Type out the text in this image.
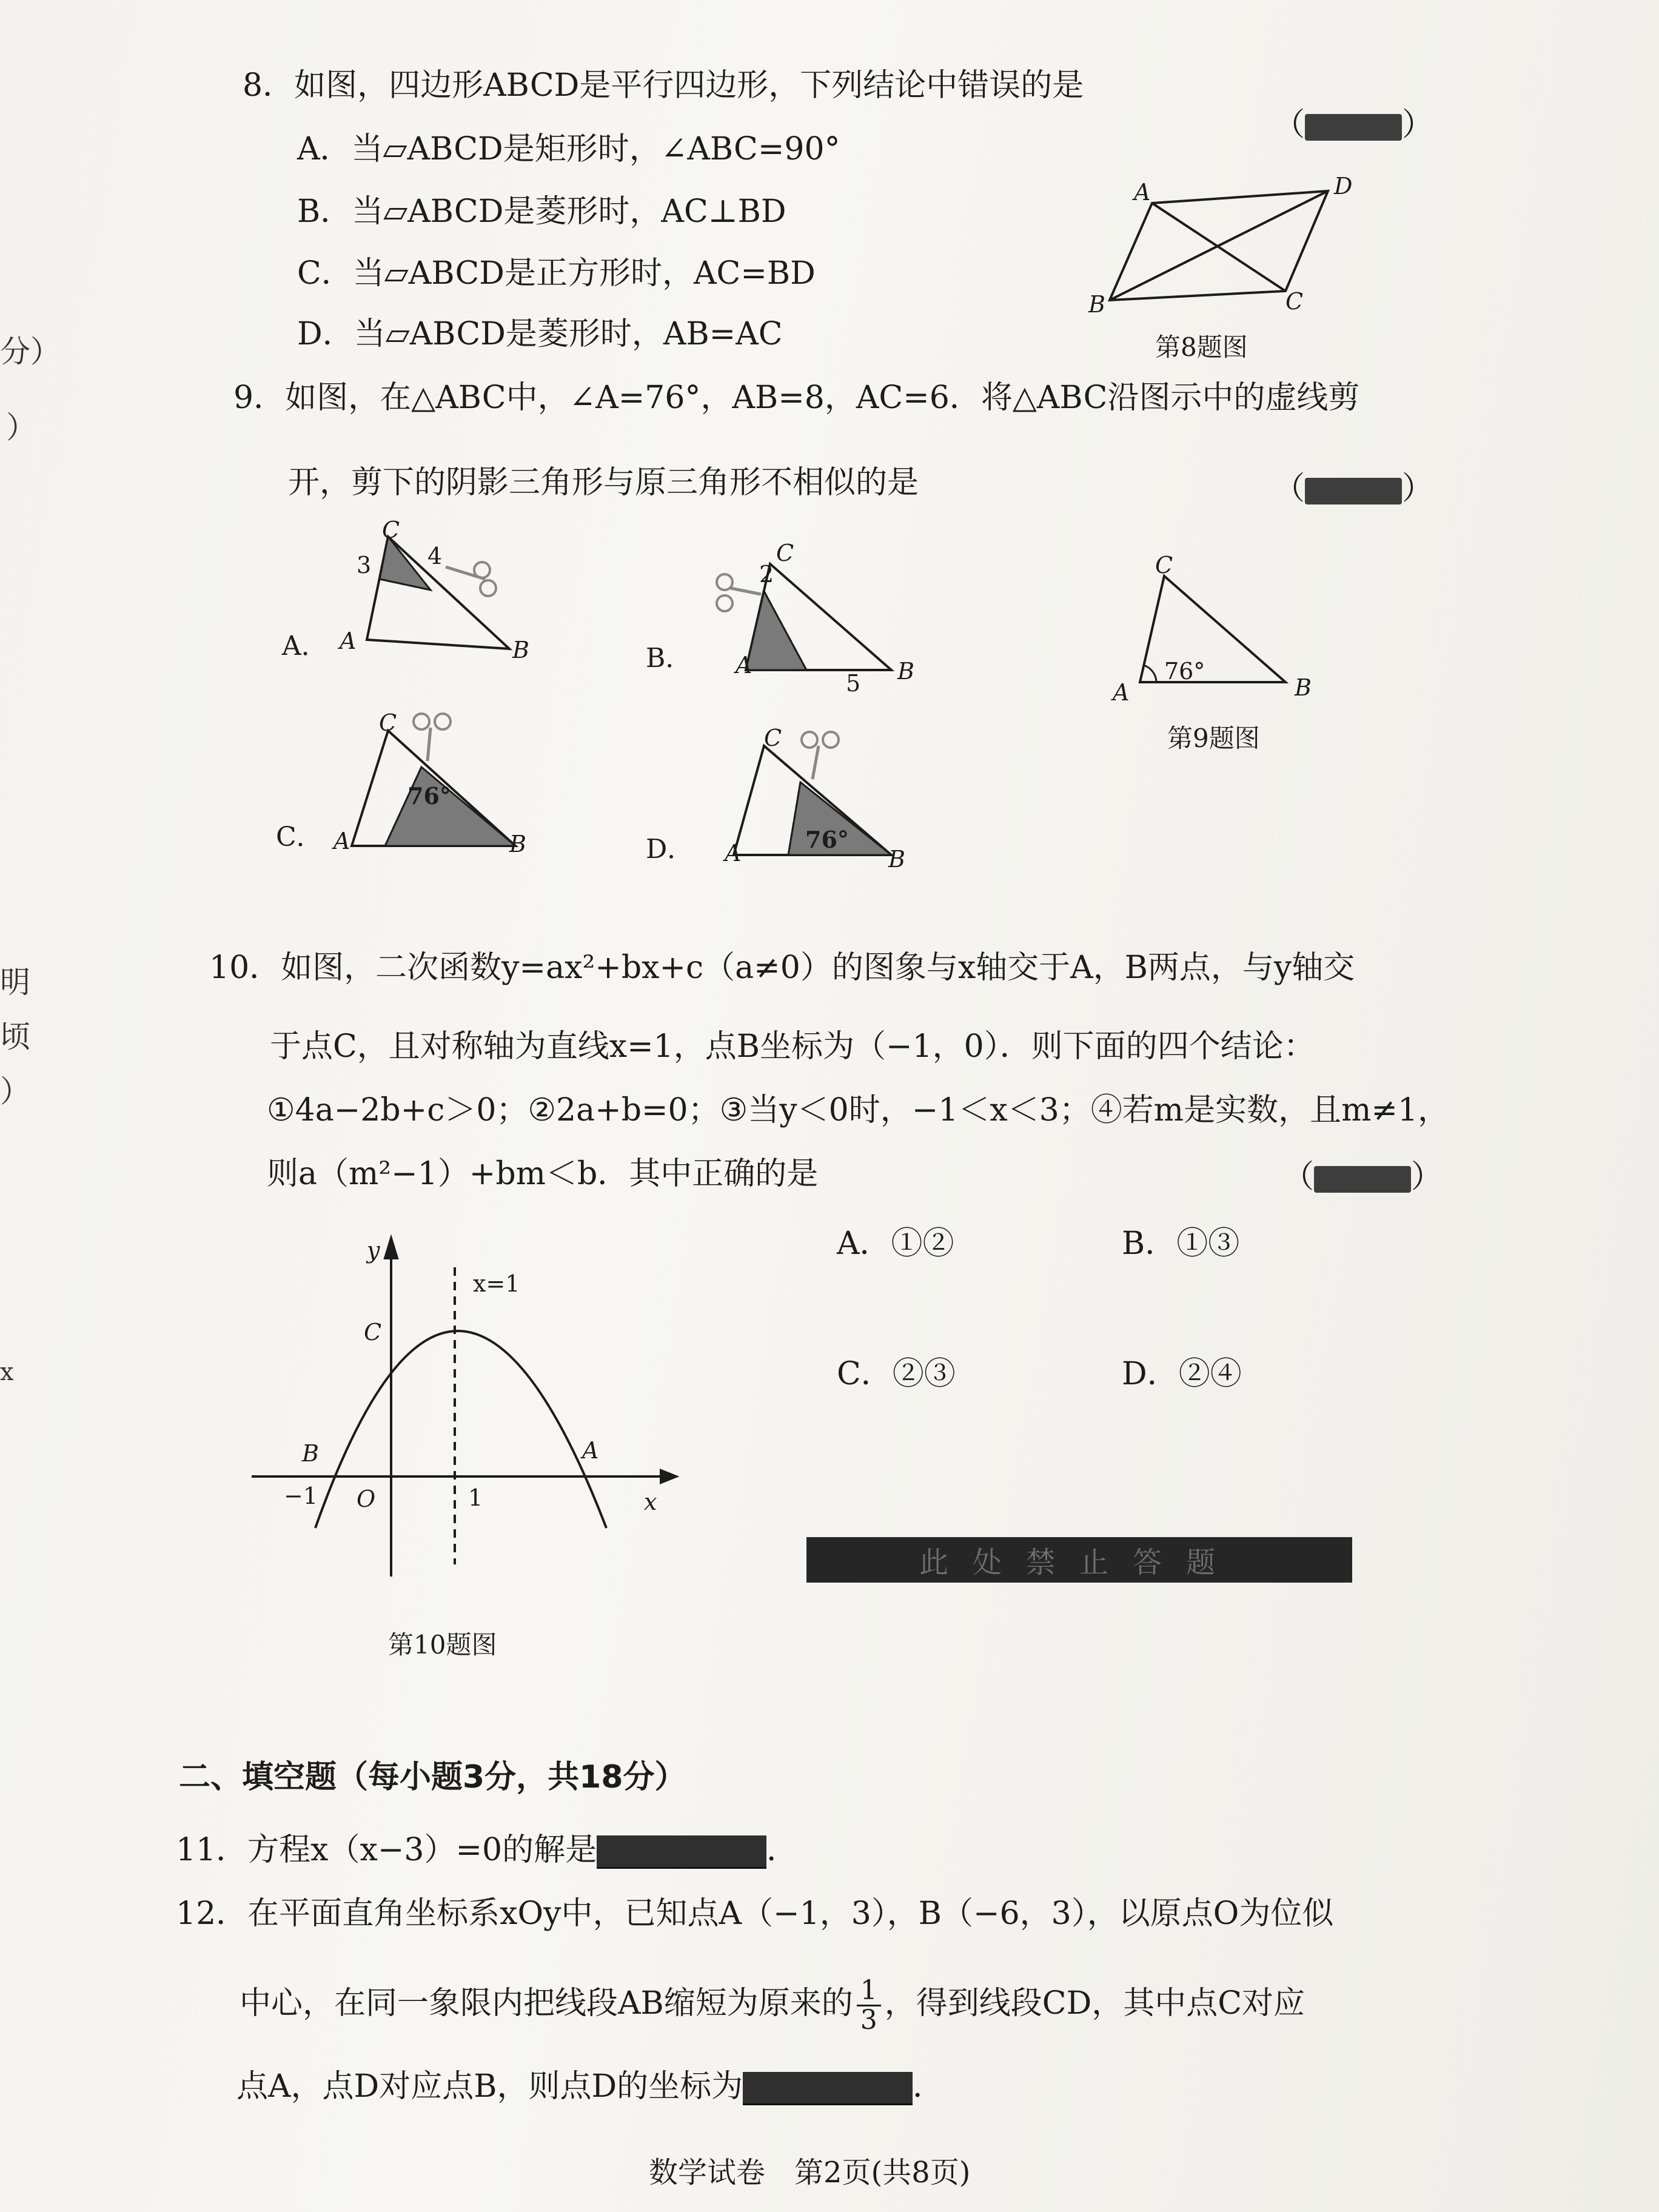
分）
）
明
顷
）
x
8．如图，四边形ABCD是平行四边形，下列结论中错误的是
（	）
A．当▱ABCD是矩形时，∠ABC=90°
B．当▱ABCD是菱形时，AC⊥BD
C．当▱ABCD是正方形时，AC=BD
D．当▱ABCD是菱形时，AB=AC
A	D
B	C
第8题图
9．如图，在△ABC中，∠A=76°，AB=8，AC=6．将△ABC沿图示中的虚线剪
开，剪下的阴影三角形与原三角形不相似的是	（	）
A．
C
3 4
A	B	B．
C
2
A
5 B
C
A
76°
B
第9题图
C．
C
76°
A	B	D．
C
A	76°
B
10．如图，二次函数y=ax²+bx+c（a≠0）的图象与x轴交于A，B两点，与y轴交
于点C，且对称轴为直线x=1，点B坐标为（−1，0）．则下面的四个结论：
①4a−2b+c＞0；②2a+b=0；③当y＜0时，−1＜x＜3；④若m是实数，且m≠1，
则a（m²−1）+bm＜b．其中正确的是	（	）
A．①②	B．①③
C．②③	D．②④
y
x=1
C
B	A
−1 O	1	x
第10题图
此处禁止答题
二、填空题（每小题3分，共18分）
11．方程x（x−3）=0的解是	．
12．在平面直角坐标系xOy中，已知点A（−1，3），B（−6，3），以原点O为位似
中心，在同一象限内把线段AB缩短为原来的 $\frac{1}{3}$ ，得到线段CD，其中点C对应
点A，点D对应点B，则点D的坐标为	．
数学试卷　第2页(共8页)
